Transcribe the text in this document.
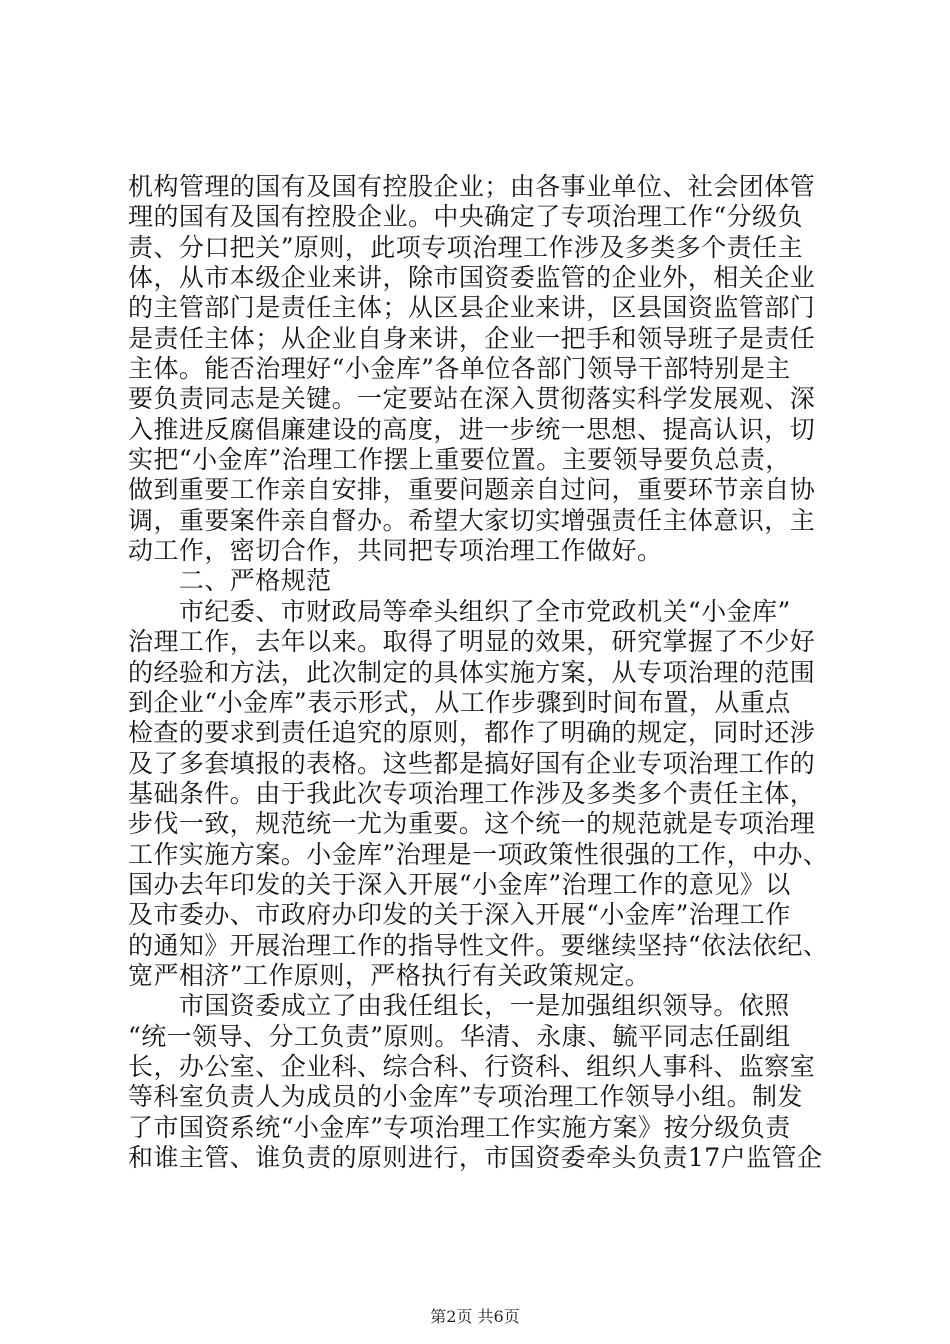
机构管理的国有及国有控股企业；由各事业单位、社会团体管
理的国有及国有控股企业。中央确定了专项治理工作“分级负
责、分口把关”原则，此项专项治理工作涉及多类多个责任主
体，从市本级企业来讲，除市国资委监管的企业外，相关企业
的主管部门是责任主体；从区县企业来讲，区县国资监管部门
是责任主体；从企业自身来讲，企业一把手和领导班子是责任
主体。能否治理好“小金库”各单位各部门领导干部特别是主
要负责同志是关键。一定要站在深入贯彻落实科学发展观、深
入推进反腐倡廉建设的高度，进一步统一思想、提高认识，切
实把“小金库”治理工作摆上重要位置。主要领导要负总责，
做到重要工作亲自安排，重要问题亲自过问，重要环节亲自协
调，重要案件亲自督办。希望大家切实增强责任主体意识，主
动工作，密切合作，共同把专项治理工作做好。
　　二、严格规范
　　市纪委、市财政局等牵头组织了全市党政机关“小金库”
治理工作，去年以来。取得了明显的效果，研究掌握了不少好
的经验和方法，此次制定的具体实施方案，从专项治理的范围
到企业“小金库”表示形式，从工作步骤到时间布置，从重点
检查的要求到责任追究的原则，都作了明确的规定，同时还涉
及了多套填报的表格。这些都是搞好国有企业专项治理工作的
基础条件。由于我此次专项治理工作涉及多类多个责任主体，
步伐一致，规范统一尤为重要。这个统一的规范就是专项治理
工作实施方案。小金库”治理是一项政策性很强的工作，中办、
国办去年印发的关于深入开展“小金库”治理工作的意见》以
及市委办、市政府办印发的关于深入开展“小金库”治理工作
的通知》开展治理工作的指导性文件。要继续坚持“依法依纪、
宽严相济”工作原则，严格执行有关政策规定。
　　市国资委成立了由我任组长，一是加强组织领导。依照
“统一领导、分工负责”原则。华清、永康、毓平同志任副组
长，办公室、企业科、综合科、行资科、组织人事科、监察室
等科室负责人为成员的小金库”专项治理工作领导小组。制发
了市国资系统“小金库”专项治理工作实施方案》按分级负责
和谁主管、谁负责的原则进行，市国资委牵头负责17户监管企
第2页 共6页
